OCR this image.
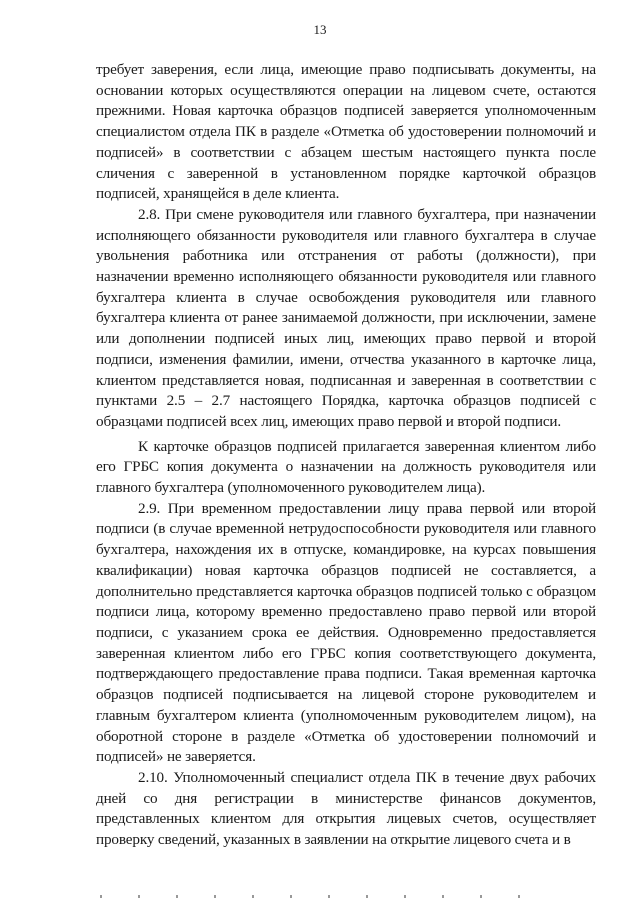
13

требует заверения, если лица, имеющие право подписывать документы, на основании которых осуществляются операции на лицевом счете, остаются прежними. Новая карточка образцов подписей заверяется уполномоченным специалистом отдела ПК в разделе «Отметка об удостоверении полномочий и подписей» в соответствии с абзацем шестым настоящего пункта после сличения с заверенной в установленном порядке карточкой образцов подписей, хранящейся в деле клиента.

2.8. При смене руководителя или главного бухгалтера, при назначении исполняющего обязанности руководителя или главного бухгалтера в случае увольнения работника или отстранения от работы (должности), при назначении временно исполняющего обязанности руководителя или главного бухгалтера клиента в случае освобождения руководителя или главного бухгалтера клиента от ранее занимаемой должности, при исключении, замене или дополнении подписей иных лиц, имеющих право первой и второй подписи, изменения фамилии, имени, отчества указанного в карточке лица, клиентом представляется новая, подписанная и заверенная в соответствии с пунктами 2.5 – 2.7 настоящего Порядка, карточка образцов подписей с образцами подписей всех лиц, имеющих право первой и второй подписи.

К карточке образцов подписей прилагается заверенная клиентом либо его ГРБС копия документа о назначении на должность руководителя или главного бухгалтера (уполномоченного руководителем лица).

2.9. При временном предоставлении лицу права первой или второй подписи (в случае временной нетрудоспособности руководителя или главного бухгалтера, нахождения их в отпуске, командировке, на курсах повышения квалификации) новая карточка образцов подписей не составляется, а дополнительно представляется карточка образцов подписей только с образцом подписи лица, которому временно предоставлено право первой или второй подписи, с указанием срока ее действия. Одновременно предоставляется заверенная клиентом либо его ГРБС копия соответствующего документа, подтверждающего предоставление права подписи. Такая временная карточка образцов подписей подписывается на лицевой стороне руководителем и главным бухгалтером клиента (уполномоченным руководителем лицом), на оборотной стороне в разделе «Отметка об удостоверении полномочий и подписей» не заверяется.

2.10. Уполномоченный специалист отдела ПК в течение двух рабочих дней со дня регистрации в министерстве финансов документов, представленных клиентом для открытия лицевых счетов, осуществляет проверку сведений, указанных в заявлении на открытие лицевого счета и в
